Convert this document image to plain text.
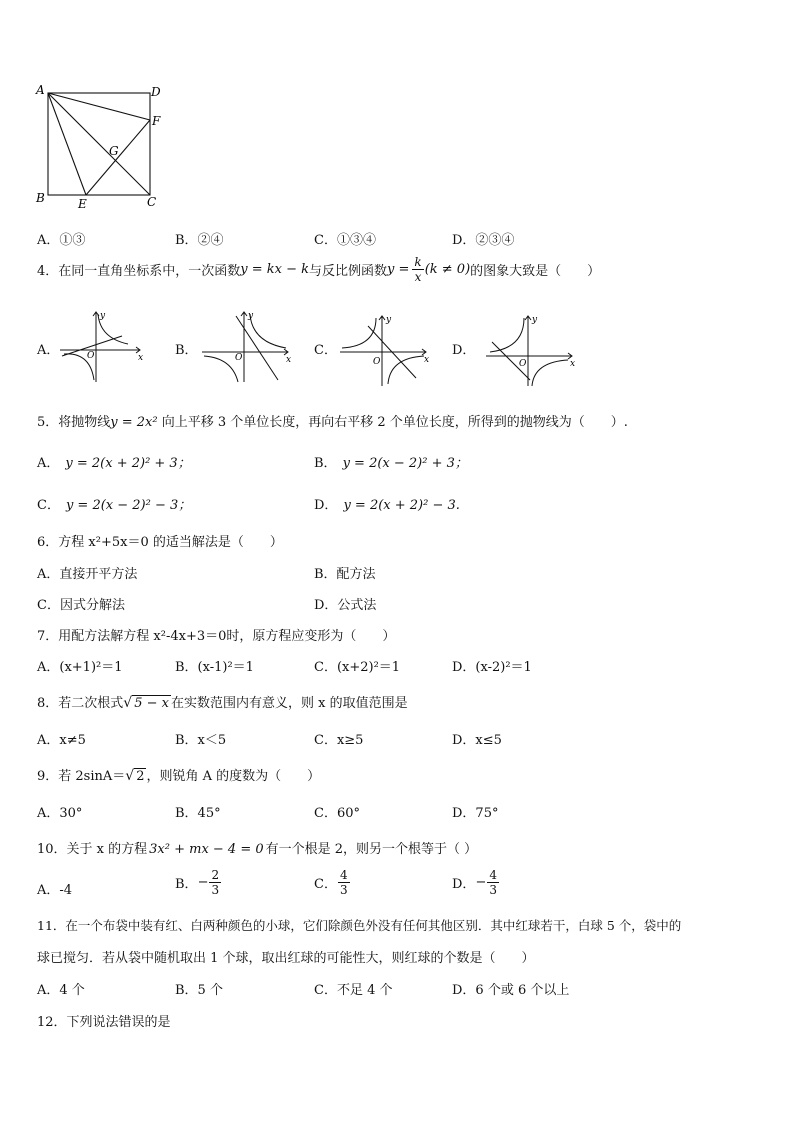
A	D
F
G
B	E	C
A．①③	B．②④	C．①③④	D．②③④
4．在同一直角坐标系中，一次函数 y = kx − k 与反比例函数 $y = \frac{k}{x} (k \ne 0)$ 的图象大致是（　　）
A．	B．	C．	D．
y
x
O
y
x
O
y
x
O
y
x
O
5．将抛物线y = 2x² 向上平移 3 个单位长度，再向右平移 2 个单位长度，所得到的抛物线为（　　）.
A． y = 2(x + 2)² + 3；	B． y = 2(x − 2)² + 3；
C． y = 2(x − 2)² − 3；	D． y = 2(x + 2)² − 3.
6．方程 x²+5x＝0 的适当解法是（　　）
A．直接开平方法	B．配方法
C．因式分解法	D．公式法
7．用配方法解方程 x²-4x+3＝0时，原方程应变形为（　　）
A．(x+1)²＝1	B．(x-1)²＝1	C．(x+2)²＝1	D．(x-2)²＝1
8．若二次根式√ 5 − x 在实数范围内有意义，则 x 的取值范围是
A．x≠5	B．x＜5	C．x≥5	D．x≤5
9．若 2sinA＝√ 2 ，则锐角 A 的度数为（　　）
A．30°	B．45°	C．60°	D．75°
10．关于 x 的方程 3x² + mx − 4 = 0 有一个根是 2，则另一个根等于（ ）
A．-4	B． − $\frac{2}{3}$	C． $\frac{4}{3}$	D． − $\frac{4}{3}$
11．在一个布袋中装有红、白两种颜色的小球，它们除颜色外没有任何其他区别．其中红球若干，白球 5 个，袋中的
球已搅匀．若从袋中随机取出 1 个球，取出红球的可能性大，则红球的个数是（　　）
A．4 个	B．5 个	C．不足 4 个	D．6 个或 6 个以上
12．下列说法错误的是
